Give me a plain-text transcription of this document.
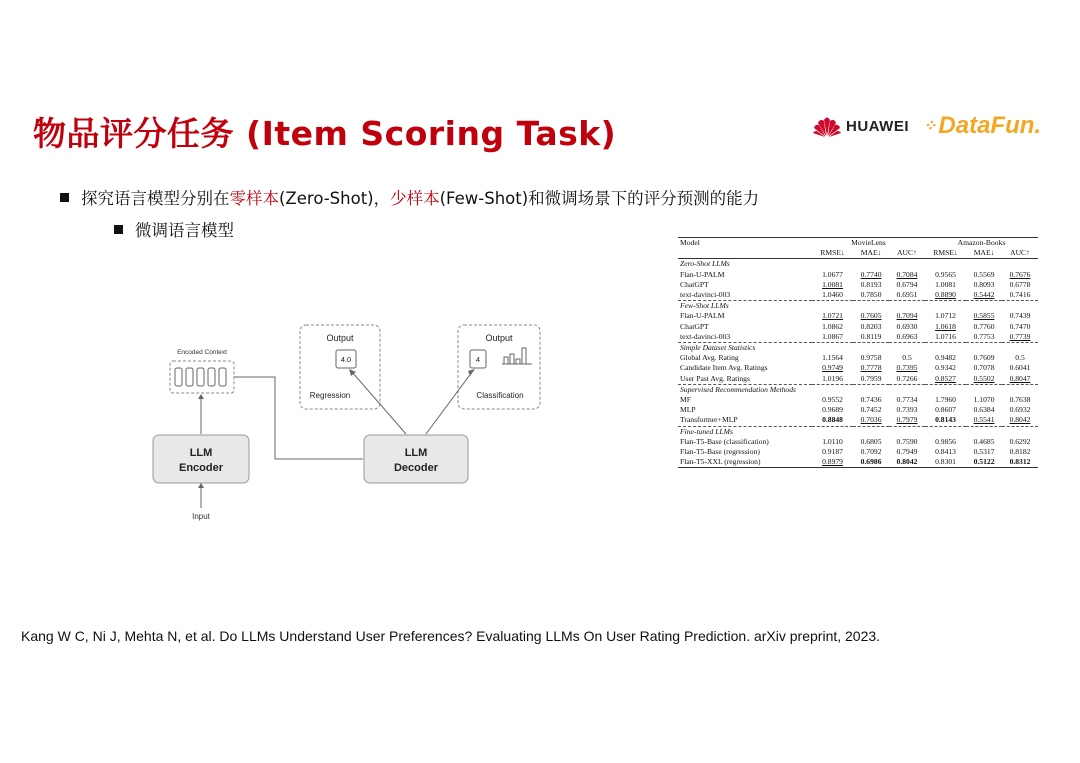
物品评分任务 (Item Scoring Task)	HUAWEI ⁘ DataFun.
探究语言模型分别在 零样本 (Zero-Shot)， 少样本 (Few-Shot)和微调场景下的评分预测的能力
微调语言模型
Encoded Context
LLM
Encoder
Input
LLM
Decoder
Output
4.0
Regression
Output
4
Classification
Model	MovieLens			Amazon-Books		
	RMSE↓	MAE↓	AUC↑	RMSE↓	MAE↓	AUC↑
Zero-Shot LLMs						
Flan-U-PALM	1.0677	0.7740	0.7084	0.9565	0.5569	0.7676
ChatGPT	1.0081	0.8193	0.6794	1.0081	0.8093	0.6778
text-davinci-003	1.0460	0.7850	0.6951	0.8890	0.5442	0.7416
Few-Shot LLMs						
Flan-U-PALM	1.0721	0.7605	0.7094	1.0712	0.5855	0.7439
ChatGPT	1.0862	0.8203	0.6930	1.0618	0.7760	0.7470
text-davinci-003	1.0867	0.8119	0.6963	1.0716	0.7753	0.7739
Simple Dataset Statistics						
Global Avg. Rating	1.1564	0.9758	0.5	0.9482	0.7609	0.5
Candidate Item Avg. Ratings	0.9749	0.7778	0.7395	0.9342	0.7078	0.6041
User Past Avg. Ratings	1.0196	0.7959	0.7266	0.8527	0.5502	0.8047
Supervised Recommendation Methods						
MF	0.9552	0.7436	0.7734	1.7960	1.1070	0.7638
MLP	0.9689	0.7452	0.7393	0.8607	0.6384	0.6932
Transformer+MLP	0.8848	0.7036	0.7979	0.8143	0.5541	0.8042
Fine-tuned LLMs						
Flan-T5-Base (classification)	1.0110	0.6805	0.7590	0.9856	0.4685	0.6292
Flan-T5-Base (regression)	0.9187	0.7092	0.7949	0.8413	0.5317	0.8182
Flan-T5-XXL (regression)	0.8979	0.6986	0.8042	0.8301	0.5122	0.8312
Kang W C, Ni J, Mehta N, et al. Do LLMs Understand User Preferences? Evaluating LLMs On User Rating Prediction. arXiv preprint, 2023.
